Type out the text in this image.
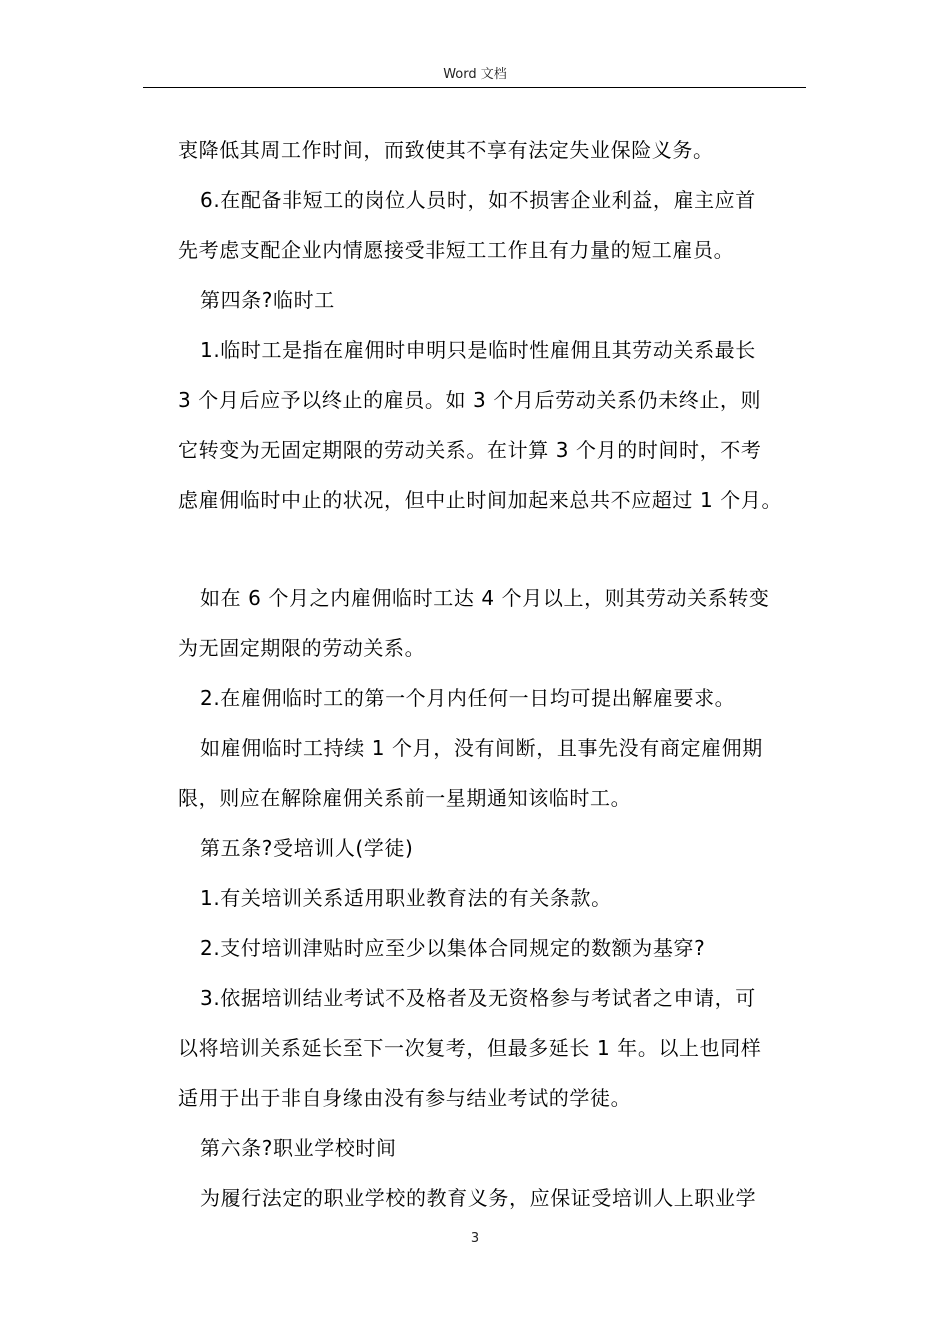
Word 文档
衷降低其周工作时间，而致使其不享有法定失业保险义务。
6.在配备非短工的岗位人员时，如不损害企业利益，雇主应首
先考虑支配企业内情愿接受非短工工作且有力量的短工雇员。
第四条?临时工
1.临时工是指在雇佣时申明只是临时性雇佣且其劳动关系最长
3 个月后应予以终止的雇员。如 3 个月后劳动关系仍未终止，则
它转变为无固定期限的劳动关系。在计算 3 个月的时间时，不考
虑雇佣临时中止的状况，但中止时间加起来总共不应超过 1 个月。
如在 6 个月之内雇佣临时工达 4 个月以上，则其劳动关系转变
为无固定期限的劳动关系。
2.在雇佣临时工的第一个月内任何一日均可提出解雇要求。
如雇佣临时工持续 1 个月，没有间断，且事先没有商定雇佣期
限，则应在解除雇佣关系前一星期通知该临时工。
第五条?受培训人(学徒)
1.有关培训关系适用职业教育法的有关条款。
2.支付培训津贴时应至少以集体合同规定的数额为基穿?
3.依据培训结业考试不及格者及无资格参与考试者之申请，可
以将培训关系延长至下一次复考，但最多延长 1 年。以上也同样
适用于出于非自身缘由没有参与结业考试的学徒。
第六条?职业学校时间
为履行法定的职业学校的教育义务，应保证受培训人上职业学
3
